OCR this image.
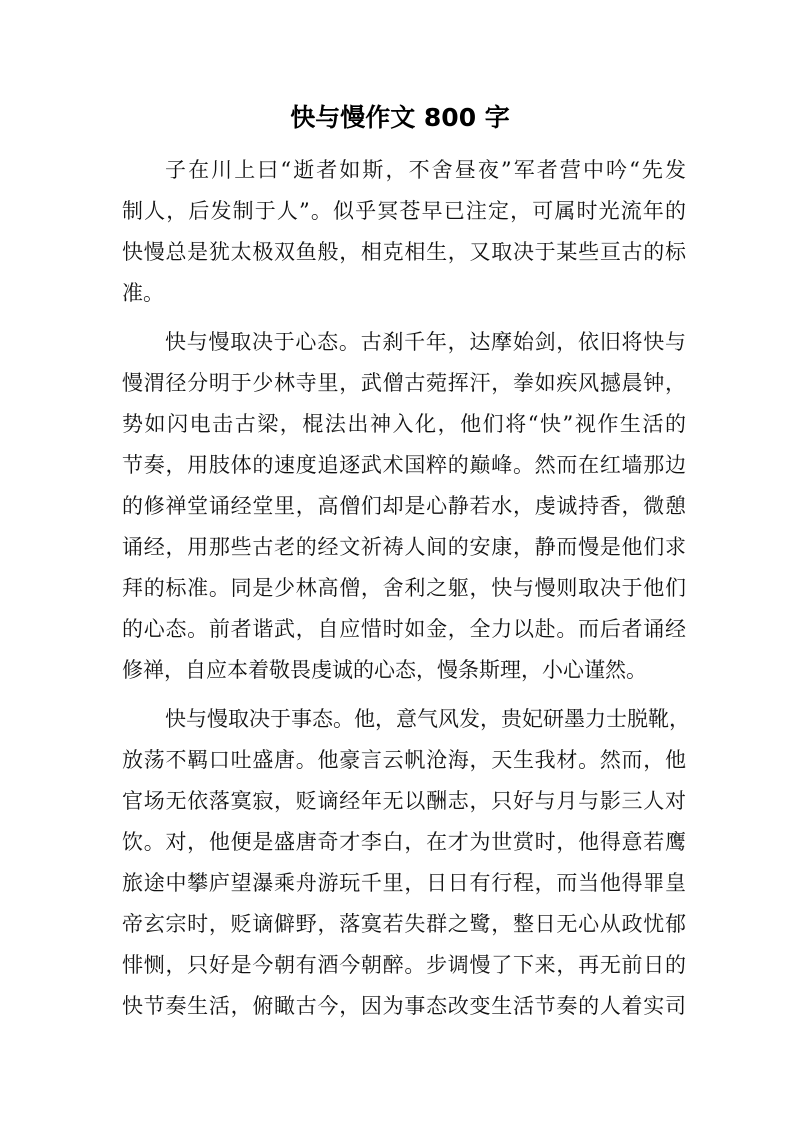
快与慢作文 800 字
子在川上曰“逝者如斯，不舍昼夜”军者营中吟“先发
制人，后发制于人”。似乎冥苍早已注定，可属时光流年的
快慢总是犹太极双鱼般，相克相生，又取决于某些亘古的标
准。
快与慢取决于心态。古刹千年，达摩始剑，依旧将快与
慢渭径分明于少林寺里，武僧古菀挥汗，拳如疾风撼晨钟，
势如闪电击古梁，棍法出神入化，他们将“快”视作生活的
节奏，用肢体的速度追逐武术国粹的巅峰。然而在红墙那边
的修禅堂诵经堂里，高僧们却是心静若水，虔诚持香，微憩
诵经，用那些古老的经文祈祷人间的安康，静而慢是他们求
拜的标准。同是少林高僧，舍利之躯，快与慢则取决于他们
的心态。前者谐武，自应惜时如金，全力以赴。而后者诵经
修禅，自应本着敬畏虔诚的心态，慢条斯理，小心谨然。
快与慢取决于事态。他，意气风发，贵妃研墨力士脱靴，
放荡不羁口吐盛唐。他豪言云帆沧海，天生我材。然而，他
官场无依落寞寂，贬谪经年无以酬志，只好与月与影三人对
饮。对，他便是盛唐奇才李白，在才为世赏时，他得意若鹰
旅途中攀庐望瀑乘舟游玩千里，日日有行程，而当他得罪皇
帝玄宗时，贬谪僻野，落寞若失群之鹭，整日无心从政忧郁
悱恻，只好是今朝有酒今朝醉。步调慢了下来，再无前日的
快节奏生活，俯瞰古今，因为事态改变生活节奏的人着实司
